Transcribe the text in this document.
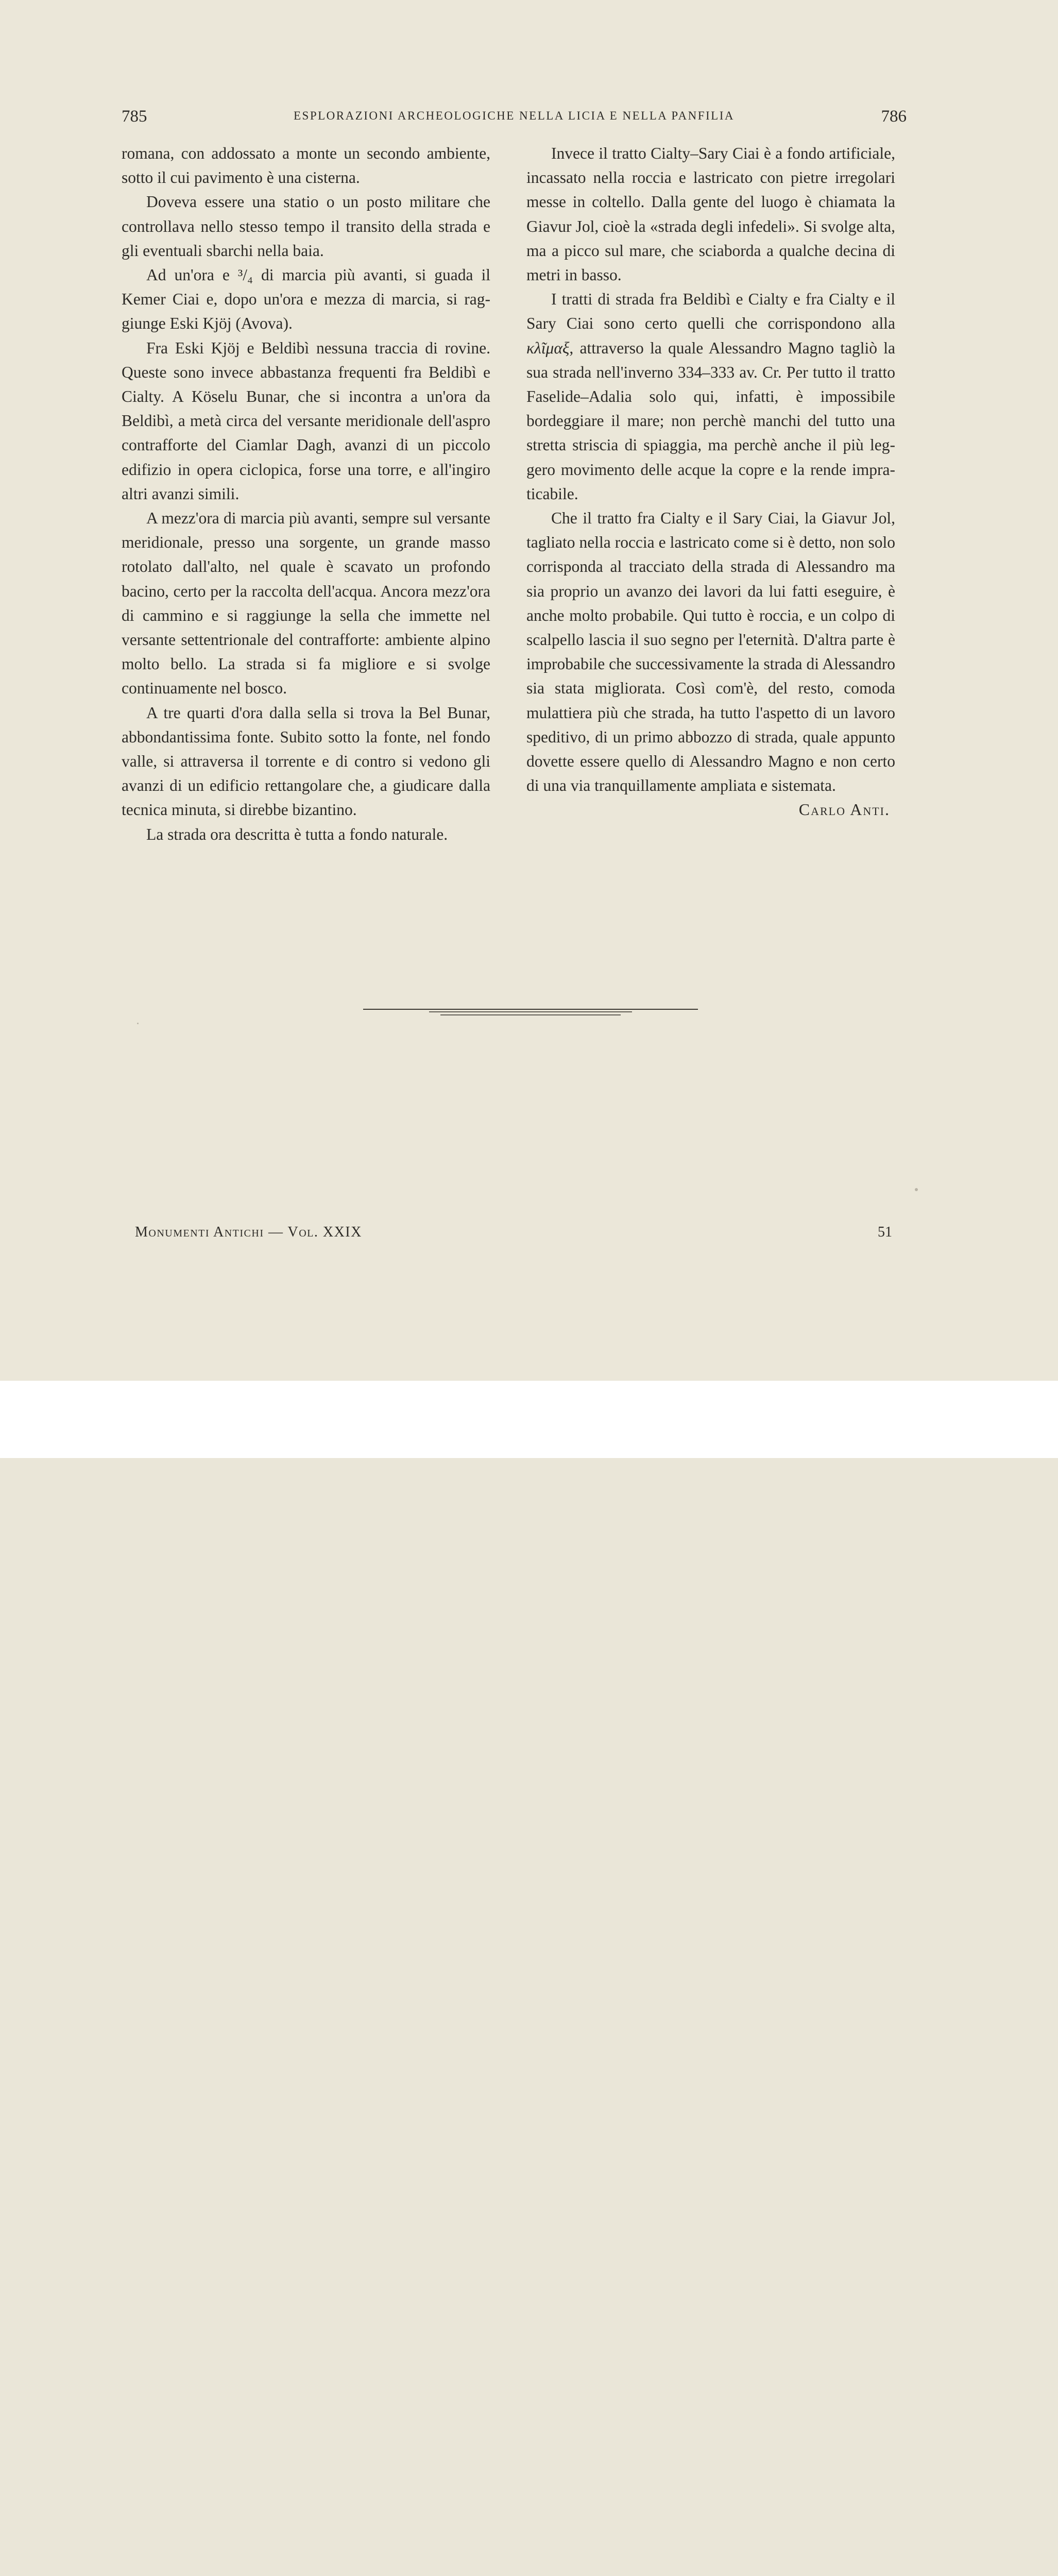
785	ESPLORAZIONI ARCHEOLOGICHE NELLA LICIA E NELLA PANFILIA	786

romana, con addossato a monte un secondo ambiente, sotto il cui pavimento è una cisterna.

Doveva essere una statio o un posto militare che controllava nello stesso tempo il transito della strada e gli eventuali sbarchi nella baia.

Ad un'ora e ³/₄ di marcia più avanti, si guada il Kemer Ciai e, dopo un'ora e mezza di marcia, si raggiunge Eski Kjöj (Avova).

Fra Eski Kjöj e Beldibì nessuna traccia di rovine. Queste sono invece abbastanza frequenti fra Beldibì e Cialty. A Köselu Bunar, che si incontra a un'ora da Beldibì, a metà circa del versante meridionale dell'aspro contrafforte del Ciamlar Dagh, avanzi di un piccolo edifizio in opera ciclopica, forse una torre, e all'ingiro altri avanzi simili.

A mezz'ora di marcia più avanti, sempre sul versante meridionale, presso una sorgente, un grande masso rotolato dall'alto, nel quale è scavato un profondo bacino, certo per la raccolta dell'acqua. Ancora mezz'ora di cammino e si raggiunge la sella che immette nel versante settentrionale del contrafforte: ambiente alpino molto bello. La strada si fa migliore e si svolge continuamente nel bosco.

A tre quarti d'ora dalla sella si trova la Bel Bunar, abbondantissima fonte. Subito sotto la fonte, nel fondo valle, si attraversa il torrente e di contro si vedono gli avanzi di un edificio rettangolare che, a giudicare dalla tecnica minuta, si direbbe bizantino.

La strada ora descritta è tutta a fondo naturale.

Invece il tratto Cialty–Sary Ciai è a fondo artificiale, incassato nella roccia e lastricato con pietre irregolari messe in coltello. Dalla gente del luogo è chiamata la Giavur Jol, cioè la «strada degli infedeli». Si svolge alta, ma a picco sul mare, che sciaborda a qualche decina di metri in basso.

I tratti di strada fra Beldibì e Cialty e fra Cialty e il Sary Ciai sono certo quelli che corrispondono alla κλῖμαξ, attraverso la quale Alessandro Magno tagliò la sua strada nell'inverno 334–333 av. Cr. Per tutto il tratto Faselide–Adalia solo qui, infatti, è impossibile bordeggiare il mare; non perchè manchi del tutto una stretta striscia di spiaggia, ma perchè anche il più leggero movimento delle acque la copre e la rende impraticabile.

Che il tratto fra Cialty e il Sary Ciai, la Giavur Jol, tagliato nella roccia e lastricato come si è detto, non solo corrisponda al tracciato della strada di Alessandro ma sia proprio un avanzo dei lavori da lui fatti eseguire, è anche molto probabile. Qui tutto è roccia, e un colpo di scalpello lascia il suo segno per l'eternità. D'altra parte è improbabile che successivamente la strada di Alessandro sia stata migliorata. Così com'è, del resto, comoda mulattiera più che strada, ha tutto l'aspetto di un lavoro speditivo, di un primo abbozzo di strada, quale appunto dovette essere quello di Alessandro Magno e non certo di una via tranquillamente ampliata e sistemata.

Carlo Anti.
Monumenti Antichi — Vol. XXIX	51
